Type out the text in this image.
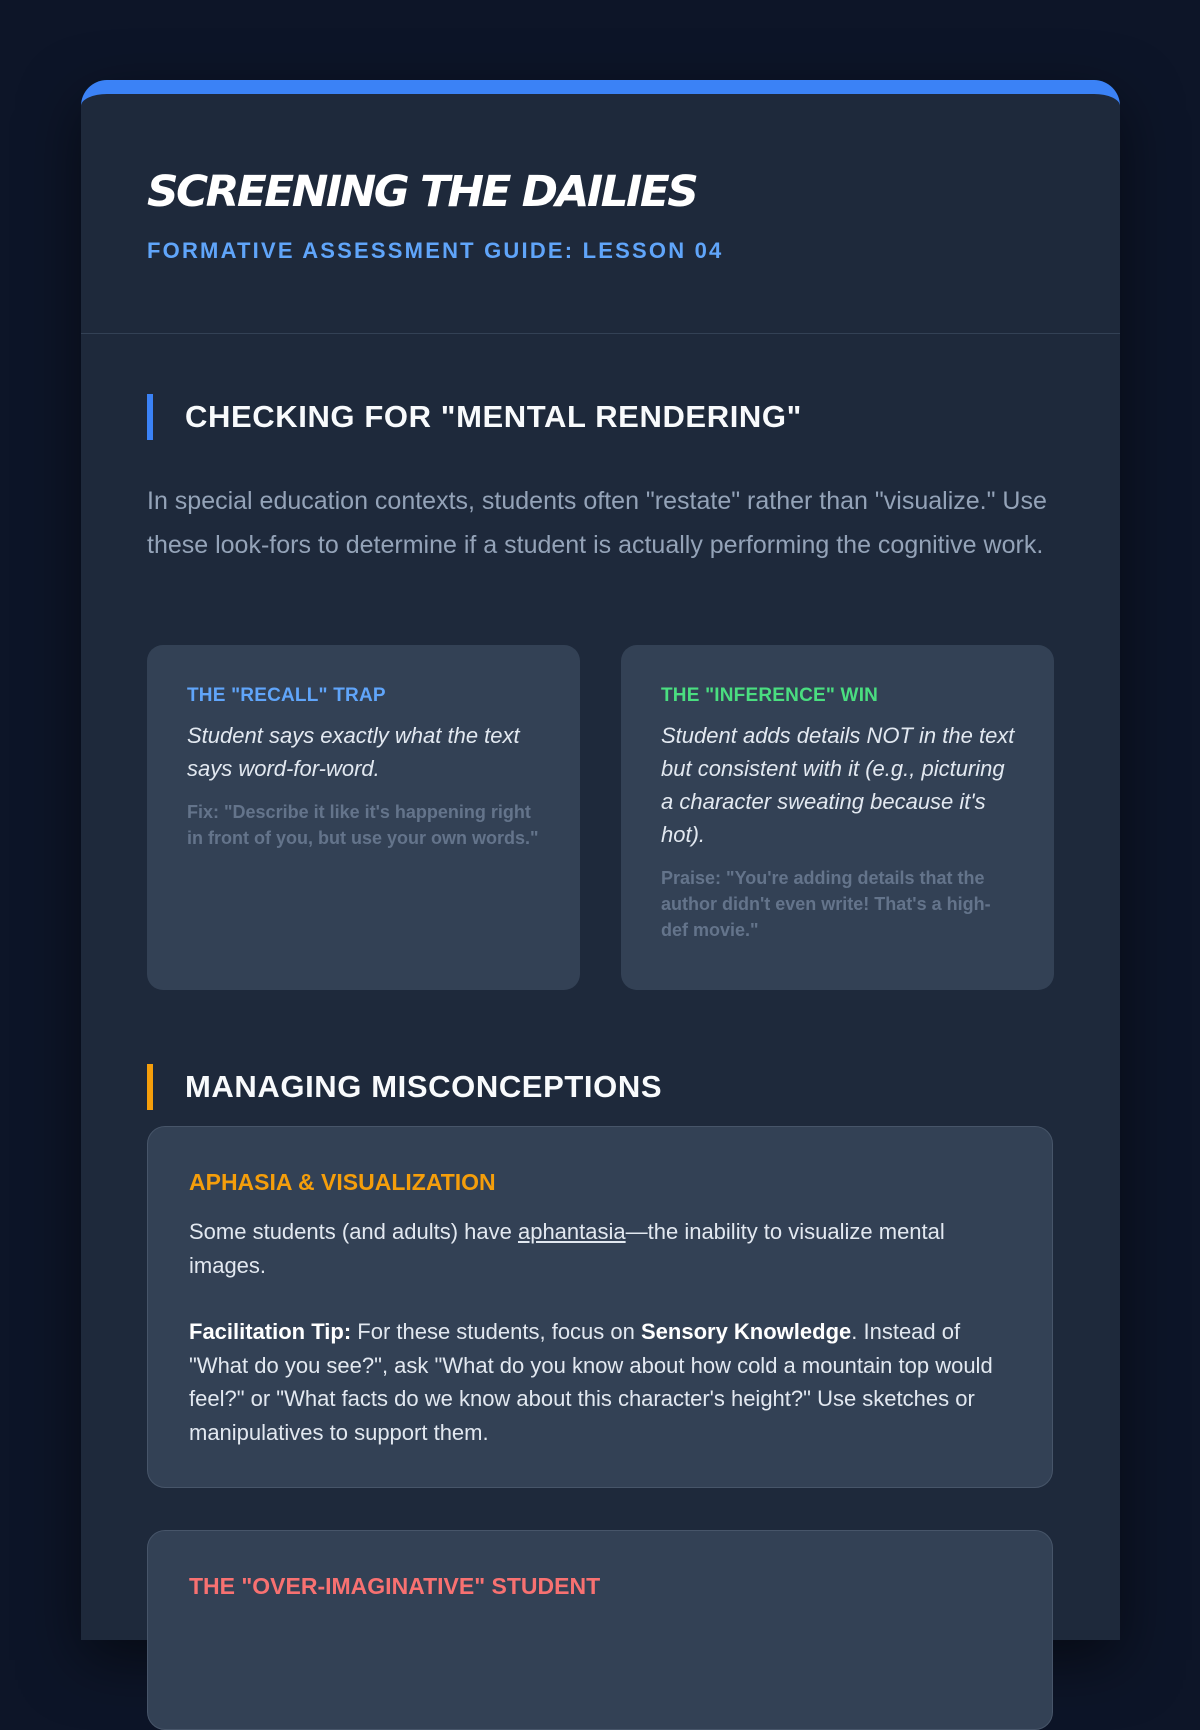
SCREENING THE DAILIES
FORMATIVE ASSESSMENT GUIDE: LESSON 04
CHECKING FOR "MENTAL RENDERING"

In special education contexts, students often "restate" rather than "visualize." Use these look-fors to determine if a student is actually performing the cognitive work.

THE "RECALL" TRAP

Student says exactly what the text says word-for-word.

Fix: "Describe it like it's happening right in front of you, but use your own words."

THE "INFERENCE" WIN

Student adds details NOT in the text but consistent with it (e.g., picturing a character sweating because it's hot).

Praise: "You're adding details that the author didn't even write! That's a high-def movie."

MANAGING MISCONCEPTIONS

APHASIA & VISUALIZATION

Some students (and adults) have aphantasia—the inability to visualize mental images.

Facilitation Tip: For these students, focus on Sensory Knowledge. Instead of "What do you see?", ask "What do you know about how cold a mountain top would feel?" or "What facts do we know about this character's height?" Use sketches or manipulatives to support them.

THE "OVER-IMAGINATIVE" STUDENT
